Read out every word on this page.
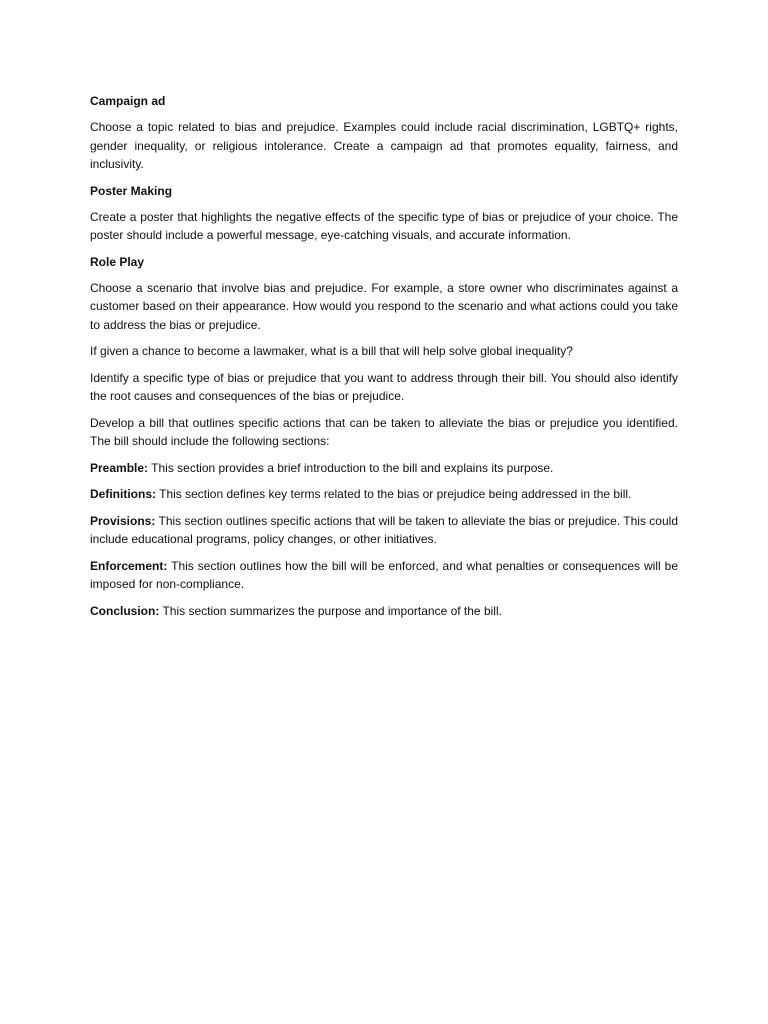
Campaign ad

Choose a topic related to bias and prejudice. Examples could include racial discrimination, LGBTQ+ rights, gender inequality, or religious intolerance. Create a campaign ad that promotes equality, fairness, and inclusivity.

Poster Making

Create a poster that highlights the negative effects of the specific type of bias or prejudice of your choice. The poster should include a powerful message, eye-catching visuals, and accurate information.

Role Play

Choose a scenario that involve bias and prejudice. For example, a store owner who discriminates against a customer based on their appearance. How would you respond to the scenario and what actions could you take to address the bias or prejudice.

If given a chance to become a lawmaker, what is a bill that will help solve global inequality?

Identify a specific type of bias or prejudice that you want to address through their bill. You should also identify the root causes and consequences of the bias or prejudice.

Develop a bill that outlines specific actions that can be taken to alleviate the bias or prejudice you identified. The bill should include the following sections:

Preamble: This section provides a brief introduction to the bill and explains its purpose.

Definitions: This section defines key terms related to the bias or prejudice being addressed in the bill.

Provisions: This section outlines specific actions that will be taken to alleviate the bias or prejudice. This could include educational programs, policy changes, or other initiatives.

Enforcement: This section outlines how the bill will be enforced, and what penalties or consequences will be imposed for non-compliance.

Conclusion: This section summarizes the purpose and importance of the bill.
